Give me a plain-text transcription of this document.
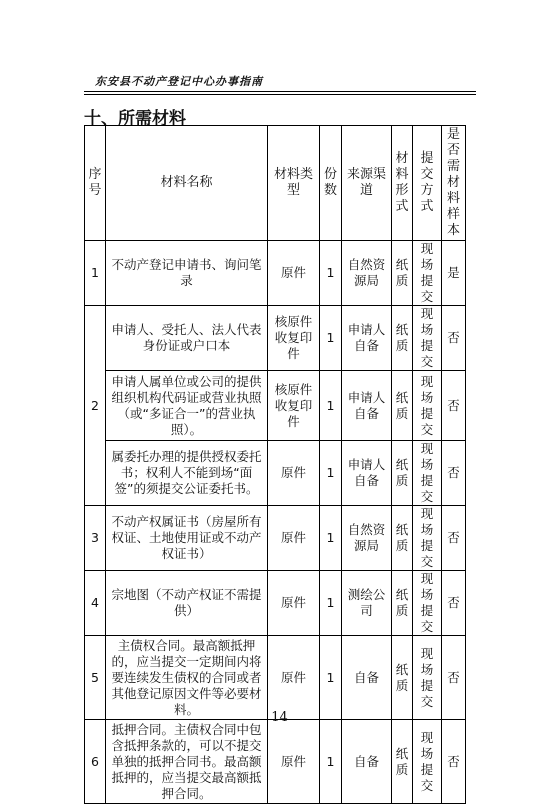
东安县不动产登记中心办事指南
十、所需材料
序号	材料名称	材料类型	份数	来源渠道	材料形式	提交方式	是否需材料样本
1	不动产登记申请书、询问笔录	原件	1	自然资源局	纸质	现场提交	是
2	申请人、受托人、法人代表身份证或户口本	核原件收复印件	1	申请人自备	纸质	现场提交	否
	申请人属单位或公司的提供组织机构代码证或营业执照（或“多证合一”的营业执照）。	核原件收复印件	1	申请人自备	纸质	现场提交	否
	属委托办理的提供授权委托书；权利人不能到场“面签”的须提交公证委托书。	原件	1	申请人自备	纸质	现场提交	否
3	不动产权属证书（房屋所有权证、土地使用证或不动产权证书）	原件	1	自然资源局	纸质	现场提交	否
4	宗地图（不动产权证不需提供）	原件	1	测绘公司	纸质	现场提交	否
5	主债权合同。最高额抵押的，应当提交一定期间内将要连续发生债权的合同或者其他登记原因文件等必要材料。	原件	1	自备	纸质	现场提交	否
6	抵押合同。主债权合同中包含抵押条款的，可以不提交单独的抵押合同书。最高额抵押的，应当提交最高额抵押合同。	原件	1	自备	纸质	现场提交	否
14
